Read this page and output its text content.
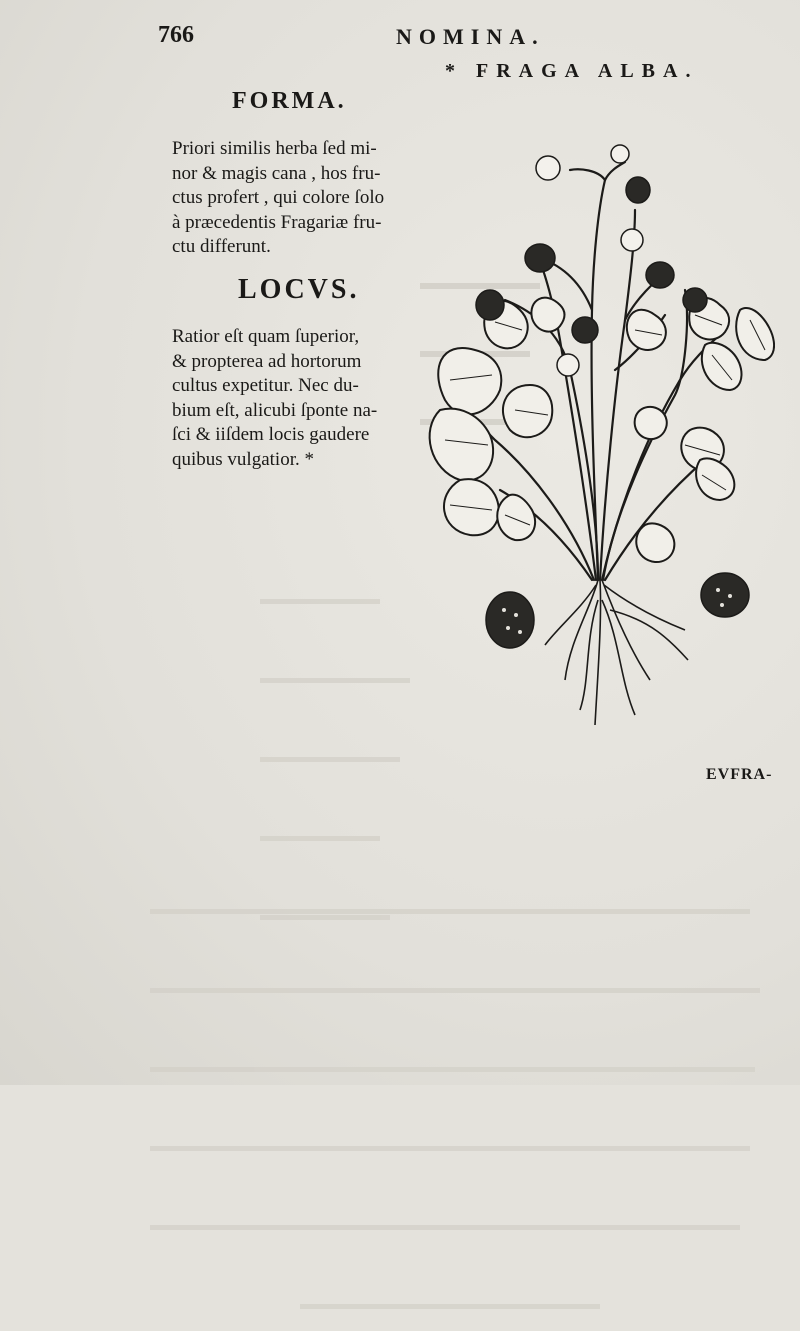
766	NOMINA.
* FRAGA ALBA.
FORMA.
Priori similis herba ſed mi-
nor & magis cana , hos fru-
ctus profert , qui colore ſolo
à præcedentis Fragariæ fru-
ctu differunt.
LOCVS.
Ratior eſt quam ſuperior,
& propterea ad hortorum
cultus expetitur. Nec du-
bium eſt, alicubi ſponte na-
ſci & iiſdem locis gaudere
quibus vulgatior. *
EVFRA-
